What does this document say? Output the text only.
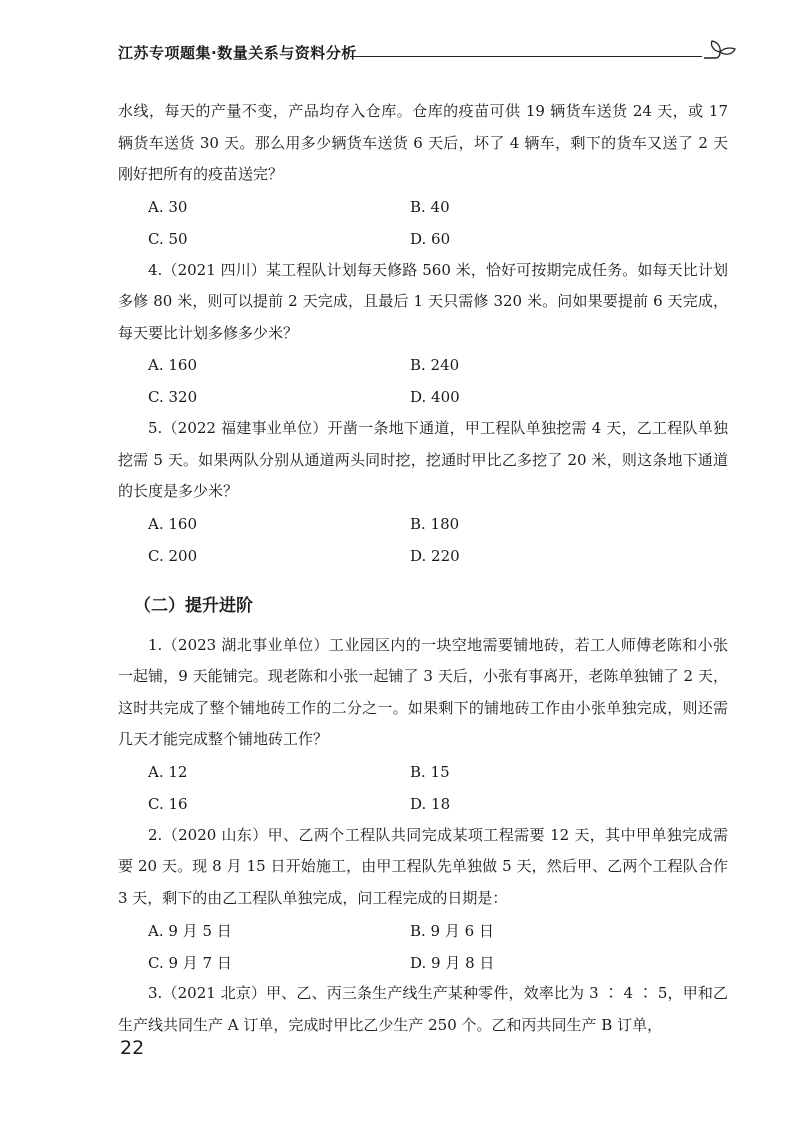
江苏专项题集·数量关系与资料分析

水线，每天的产量不变，产品均存入仓库。仓库的疫苗可供 19 辆货车送货 24 天，或 17 辆货车送货 30 天。那么用多少辆货车送货 6 天后，坏了 4 辆车，剩下的货车又送了 2 天刚好把所有的疫苗送完？

A. 30	B. 40
C. 50	D. 60

4.（2021 四川）某工程队计划每天修路 560 米，恰好可按期完成任务。如每天比计划多修 80 米，则可以提前 2 天完成，且最后 1 天只需修 320 米。问如果要提前 6 天完成，每天要比计划多修多少米？

A. 160	B. 240
C. 320	D. 400

5.（2022 福建事业单位）开凿一条地下通道，甲工程队单独挖需 4 天，乙工程队单独挖需 5 天。如果两队分别从通道两头同时挖，挖通时甲比乙多挖了 20 米，则这条地下通道的长度是多少米？

A. 160	B. 180
C. 200	D. 220
（二）提升进阶

1.（2023 湖北事业单位）工业园区内的一块空地需要铺地砖，若工人师傅老陈和小张一起铺，9 天能铺完。现老陈和小张一起铺了 3 天后，小张有事离开，老陈单独铺了 2 天，这时共完成了整个铺地砖工作的二分之一。如果剩下的铺地砖工作由小张单独完成，则还需几天才能完成整个铺地砖工作？

A. 12	B. 15
C. 16	D. 18

2.（2020 山东）甲、乙两个工程队共同完成某项工程需要 12 天，其中甲单独完成需要 20 天。现 8 月 15 日开始施工，由甲工程队先单独做 5 天，然后甲、乙两个工程队合作 3 天，剩下的由乙工程队单独完成，问工程完成的日期是：

A. 9 月 5 日	B. 9 月 6 日
C. 9 月 7 日	D. 9 月 8 日

3.（2021 北京）甲、乙、丙三条生产线生产某种零件，效率比为 3 ∶ 4 ∶ 5，甲和乙生产线共同生产 A 订单，完成时甲比乙少生产 250 个。乙和丙共同生产 B 订单，

22
